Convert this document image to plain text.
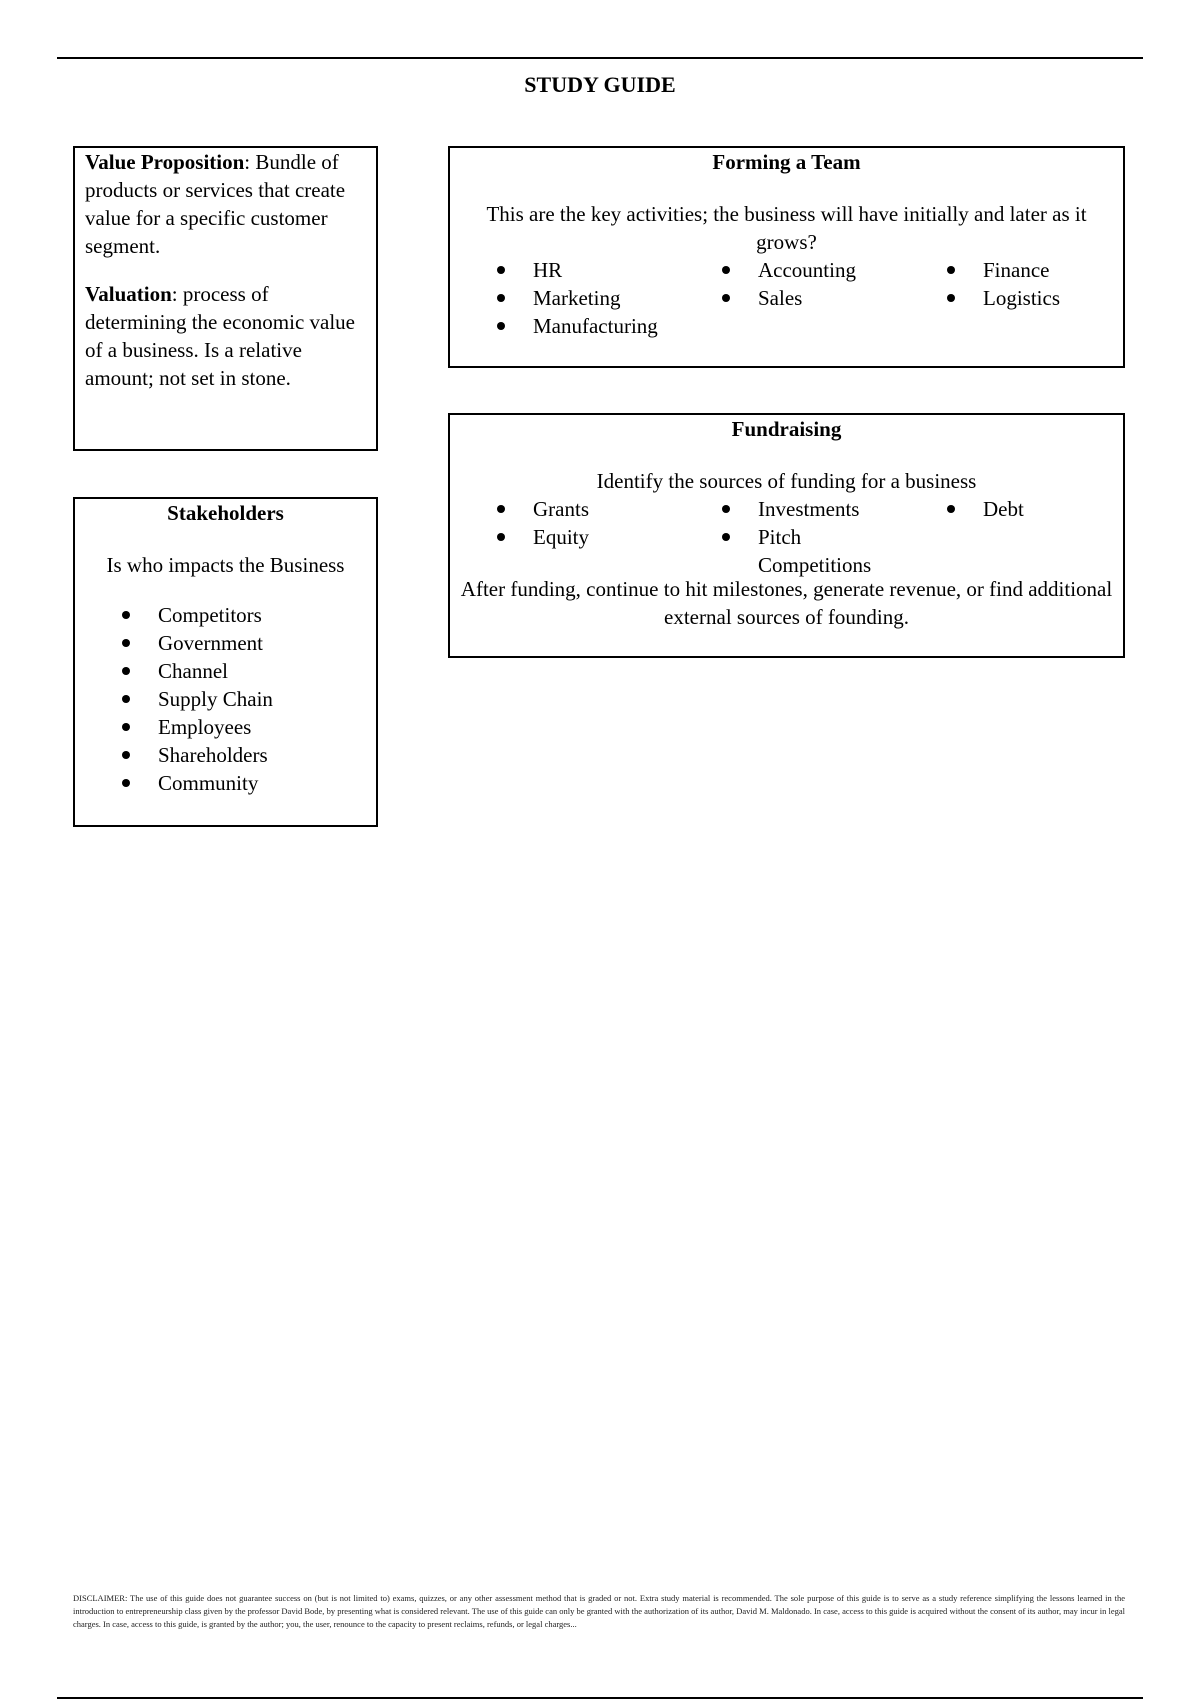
STUDY GUIDE

Value Proposition: Bundle of products or services that create value for a specific customer segment.

Valuation: process of determining the economic value of a business. Is a relative amount; not set in stone.

Stakeholders
Is who impacts the Business
Competitors
Government
Channel
Supply Chain
Employees
Shareholders
Community
Forming a Team
This are the key activities; the business will have initially and later as it grows?
HR	Accounting	Finance
Marketing	Sales	Logistics
Manufacturing
Fundraising
Identify the sources of funding for a business
Grants	Investments	Debt
Equity	Pitch Competitions
After funding, continue to hit milestones, generate revenue, or find additional external sources of founding.
DISCLAIMER: The use of this guide does not guarantee success on (but is not limited to) exams, quizzes, or any other assessment method that is graded or not. Extra study material is recommended. The sole purpose of this guide is to serve as a study reference simplifying the lessons learned in the introduction to entrepreneurship class given by the professor David Bode, by presenting what is considered relevant. The use of this guide can only be granted with the authorization of its author, David M. Maldonado. In case, access to this guide is acquired without the consent of its author, may incur in legal charges. In case, access to this guide, is granted by the author; you, the user, renounce to the capacity to present reclaims, refunds, or legal charges...
